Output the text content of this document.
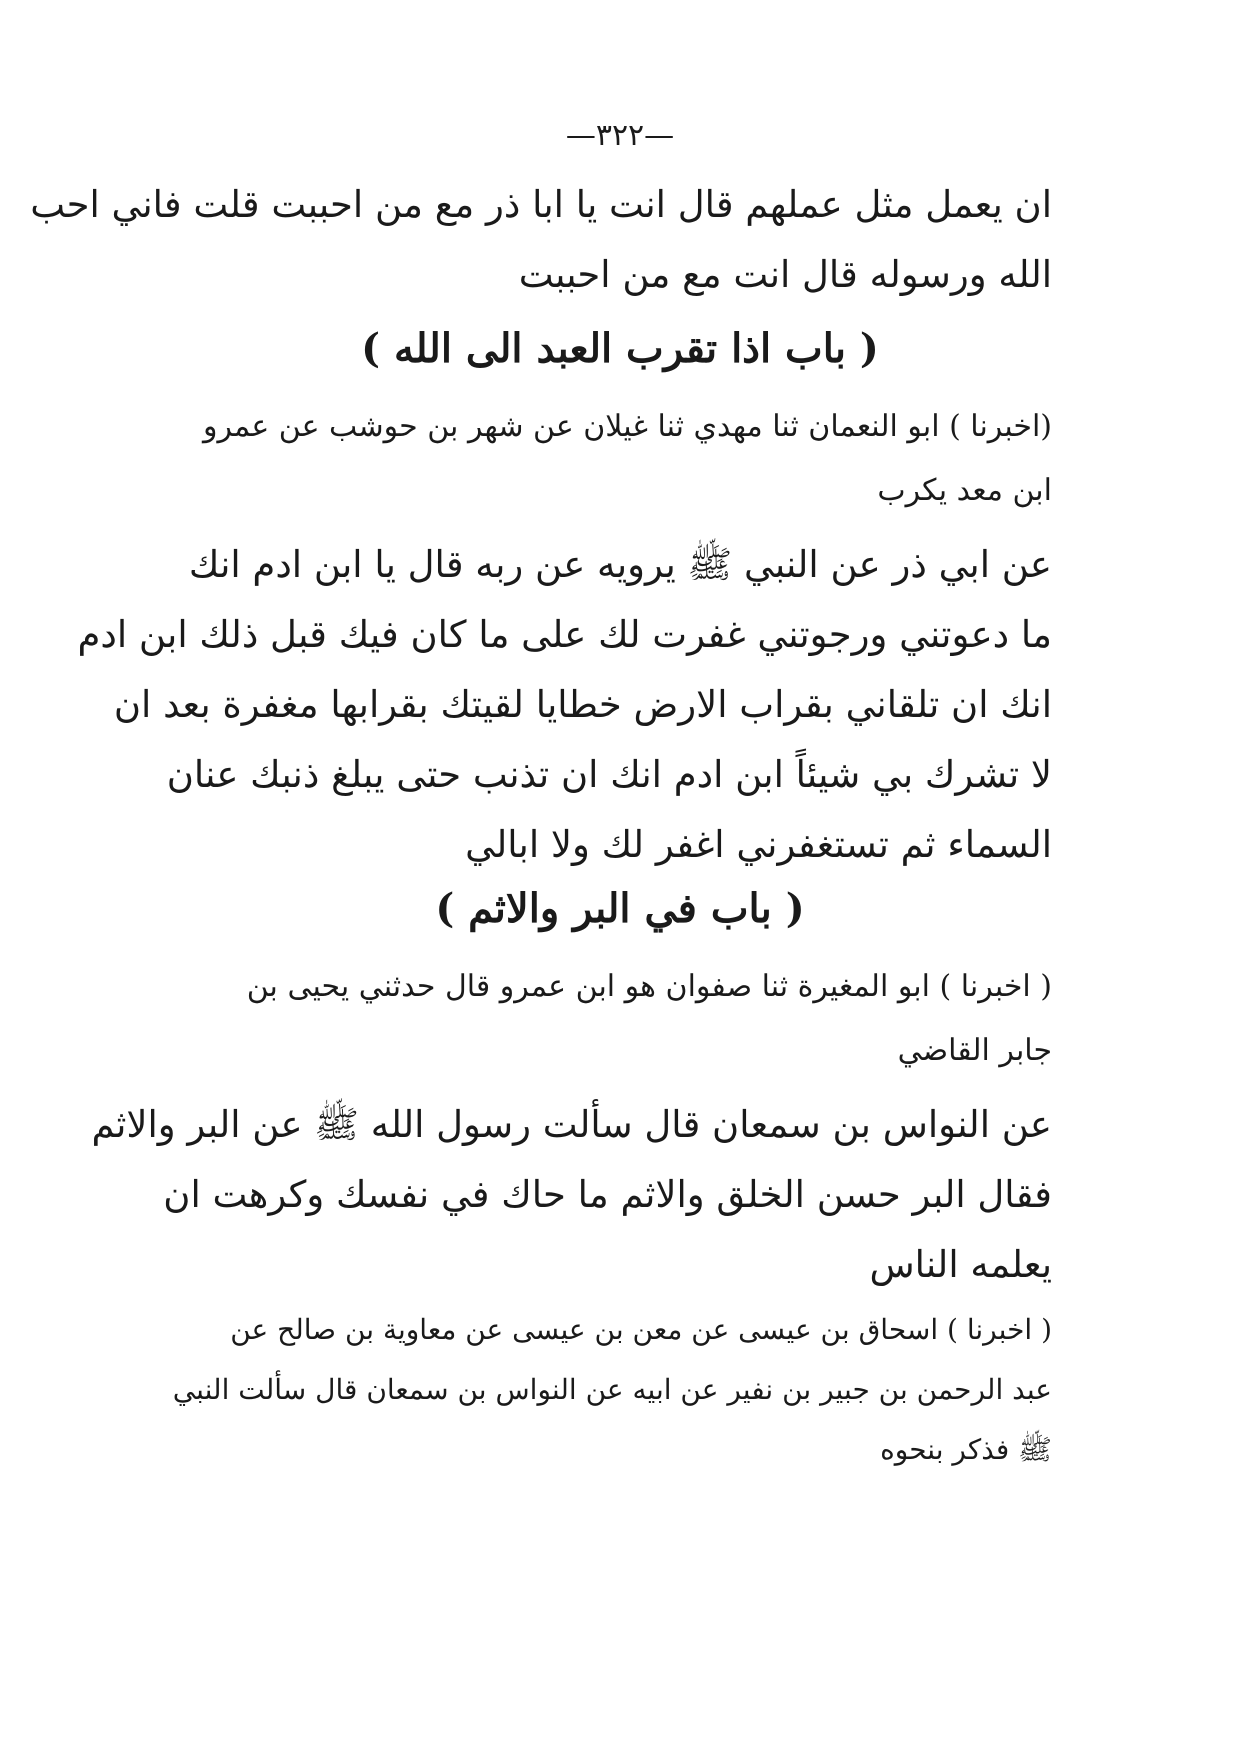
—٣٢٢—
ان يعمل مثل عملهم قال انت يا ابا ذر مع من احببت قلت فاني احب
الله ورسوله قال انت مع من احببت
( باب اذا تقرب العبد الى الله )
(اخبرنا ) ابو النعمان ثنا مهدي ثنا غيلان عن شهر بن حوشب عن عمرو
ابن معد يكرب
عن ابي ذر عن النبي ﷺ يرويه عن ربه قال يا ابن ادم انك
ما دعوتني ورجوتني غفرت لك على ما كان فيك قبل ذلك ابن ادم
انك ان تلقاني بقراب الارض خطايا لقيتك بقرابها مغفرة بعد ان
لا تشرك بي شيئاً ابن ادم انك ان تذنب حتى يبلغ ذنبك عنان
السماء ثم تستغفرني اغفر لك ولا ابالي
( باب في البر والاثم )
( اخبرنا ) ابو المغيرة ثنا صفوان هو ابن عمرو قال حدثني يحيى بن
جابر القاضي
عن النواس بن سمعان قال سألت رسول الله ﷺ عن البر والاثم
فقال البر حسن الخلق والاثم ما حاك في نفسك وكرهت ان
يعلمه الناس
( اخبرنا ) اسحاق بن عيسى عن معن بن عيسى عن معاوية بن صالح عن
عبد الرحمن بن جبير بن نفير عن ابيه عن النواس بن سمعان قال سألت النبي
ﷺ فذكر بنحوه
